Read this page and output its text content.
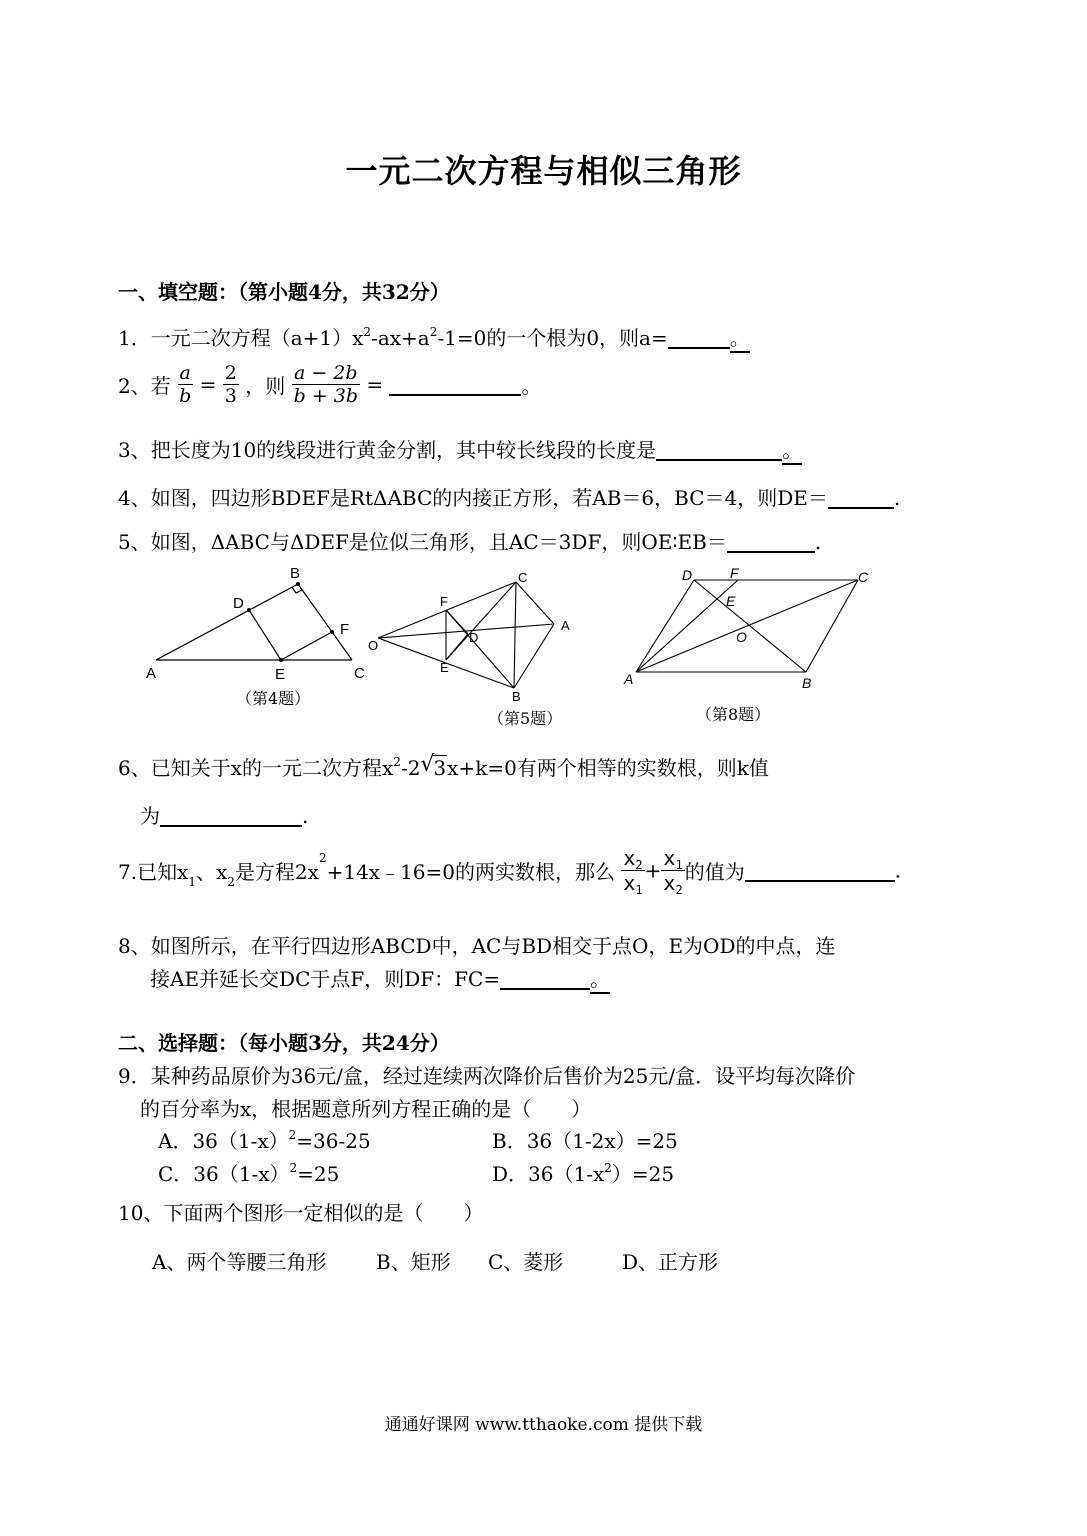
一元二次方程与相似三角形
一、填空题：（第小题4分，共32分）
1．一元二次方程$(a+1)x^2-ax+a^2-1=0$的一个根为0，则a=	。
2、若 $\frac{a}{b} = \frac{2}{3}$ ，则 $\frac{a - 2b}{b + 3b}$ =	。
3、把长度为10的线段进行黄金分割，其中较长线段的长度是	。
4、如图，四边形BDEF是RtΔABC的内接正方形，若AB＝6，BC＝4，则DE＝	.
5、如图，ΔABC与ΔDEF是位似三角形，且AC＝3DF，则OE∶EB＝	.
A
B
C
D
E
F
（第4题）
O
A
B
C
D
E
F
（第5题）
A	B
C
D
E
F
O
（第8题）
6、已知关于x的一元二次方程$x^2-2$ √
3x+k=0有两个相等的实数根，则k值
为	.
7.已知$x_1$、$x_2$是方程$2x^2+14x﹣16=0$的两实数根，那么 $\frac{x_2}{x_1} + \frac{x_1}{x_2}$ 的值为	.
8、如图所示，在平行四边形ABCD中，AC与BD相交于点O，E为OD的中点，连
接AE并延长交DC于点F，则DF：FC=	。
二、选择题：（每小题3分，共24分）
9．某种药品原价为36元/盒，经过连续两次降价后售价为25元/盒．设平均每次降价
的百分率为x，根据题意所列方程正确的是（　　）
A．$36(1-x)^2=36-25$	B．36（1-2x）=25
C．$36(1-x)^2=25$	D．$36(1-x^2)=25$
10、下面两个图形一定相似的是（　　）
A、两个等腰三角形 B、矩形 C、菱形	D、正方形
通通好课网 www.tthaoke.com 提供下载
